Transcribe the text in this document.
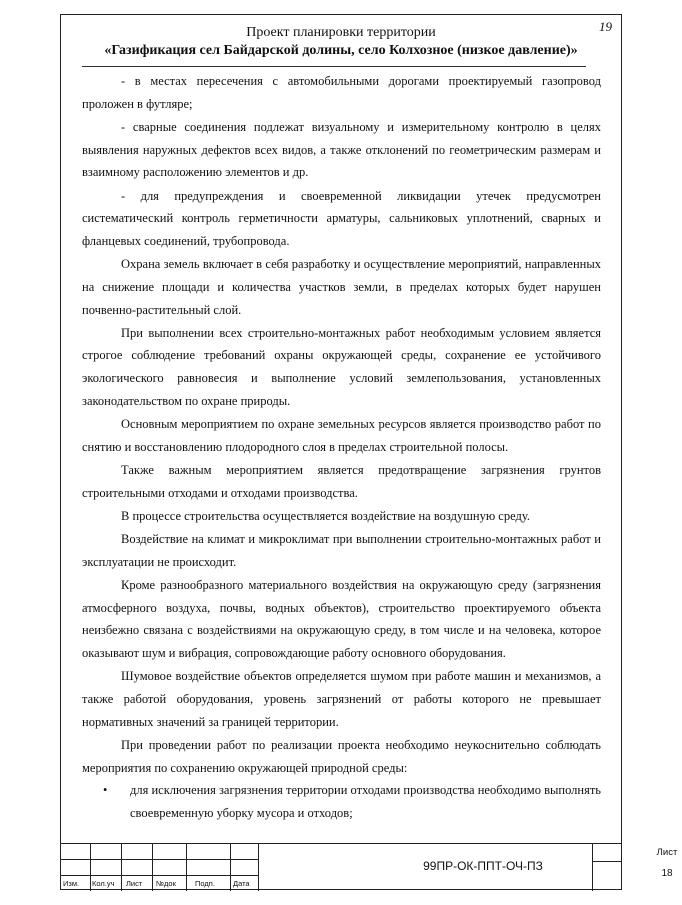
19
Проект планировки территории
«Газификация сел Байдарской долины, село Колхозное (низкое давление)»

- в местах пересечения с автомобильными дорогами проектируемый газопровод проложен в футляре;

- сварные соединения подлежат визуальному и измерительному контролю в целях выявления наружных дефектов всех видов, а также отклонений по геометрическим размерам и взаимному расположению элементов и др.

- для предупреждения и своевременной ликвидации утечек предусмотрен систематический контроль герметичности арматуры, сальниковых уплотнений, сварных и фланцевых соединений, трубопровода.

Охрана земель включает в себя разработку и осуществление мероприятий, направленных на снижение площади и количества участков земли, в пределах которых будет нарушен почвенно-растительный слой.

При выполнении всех строительно-монтажных работ необходимым условием является строгое соблюдение требований охраны окружающей среды, сохранение ее устойчивого экологического равновесия и выполнение условий землепользования, установленных законодательством по охране природы.

Основным мероприятием по охране земельных ресурсов является производство работ по снятию и восстановлению плодородного слоя в пределах строительной полосы.

Также важным мероприятием является предотвращение загрязнения грунтов строительными отходами и отходами производства.

В процессе строительства осуществляется воздействие на воздушную среду.

Воздействие на климат и микроклимат при выполнении строительно-монтажных работ и эксплуатации не происходит.

Кроме разнообразного материального воздействия на окружающую среду (загрязнения атмосферного воздуха, почвы, водных объектов), строительство проектируемого объекта неизбежно связана с воздействиями на окружающую среду, в том числе и на человека, которое оказывают шум и вибрация, сопровождающие работу основного оборудования.

Шумовое воздействие объектов определяется шумом при работе машин и механизмов, а также работой оборудования, уровень загрязнений от работы которого не превышает нормативных значений за границей территории.

При проведении работ по реализации проекта необходимо неукоснительно соблюдать мероприятия по сохранению окружающей природной среды:

• для исключения загрязнения территории отходами производства необходимо выполнять своевременную уборку мусора и отходов;
Изм. Кол.уч Лист №док	Подп. Дата
99ПР-ОК-ППТ-ОЧ-ПЗ
Лист
18
